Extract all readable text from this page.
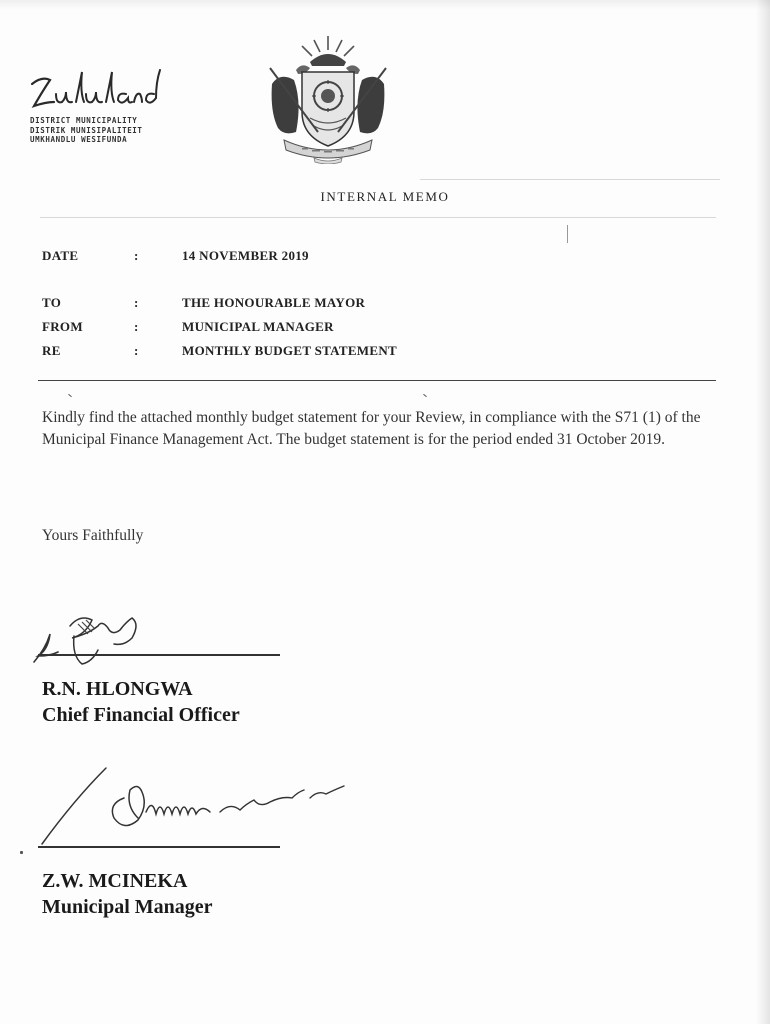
DISTRICT MUNICIPALITY
DISTRIK MUNISIPALITEIT
UMKHANDLU WESIFUNDA
INTERNAL MEMO
DATE	:	14 NOVEMBER 2019
TO	:	THE HONOURABLE MAYOR
FROM	:	MUNICIPAL MANAGER
RE	:	MONTHLY BUDGET STATEMENT
Kindly find the attached monthly budget statement for your Review, in compliance with the S71 (1) of the Municipal Finance Management Act. The budget statement is for the period ended 31 October 2019.
Yours Faithfully
R.N. HLONGWA
Chief Financial Officer
Z.W. MCINEKA
Municipal Manager
